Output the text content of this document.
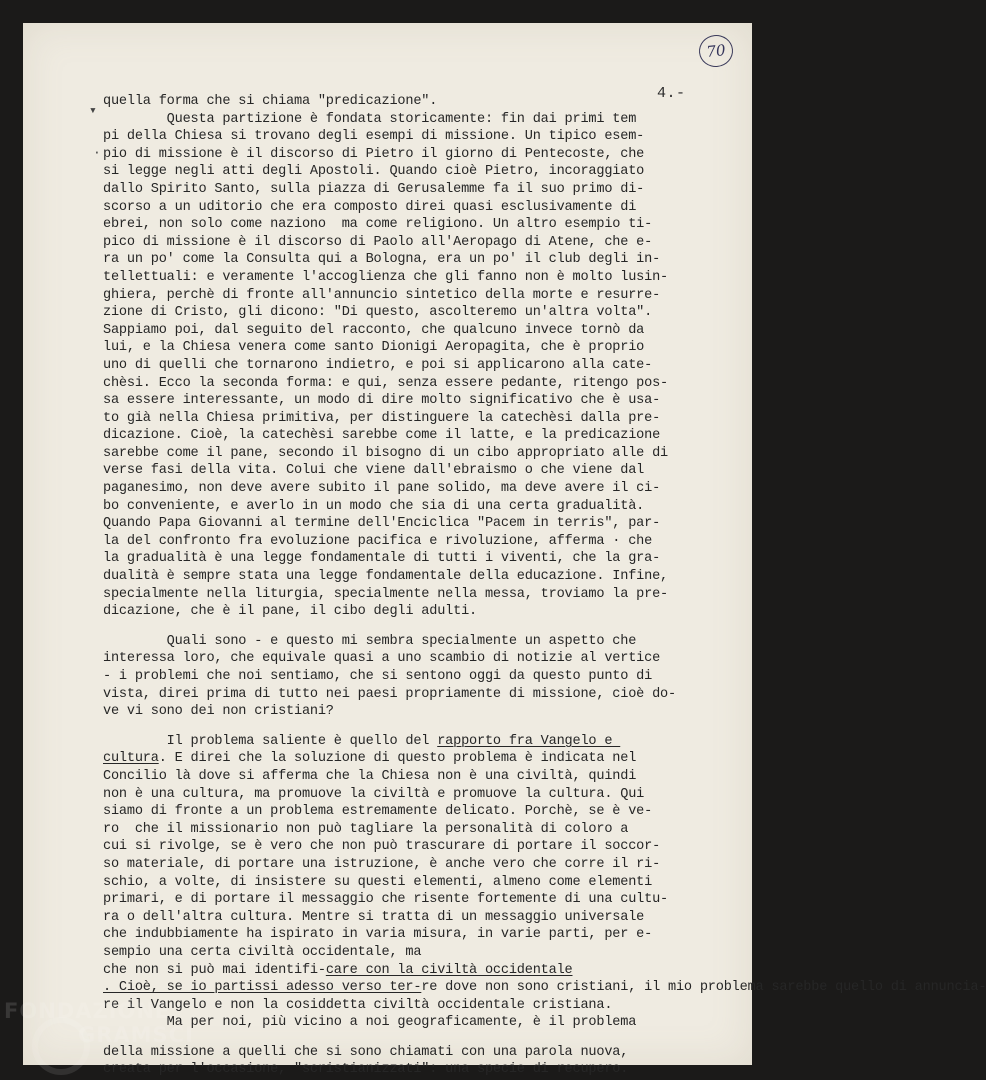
70
4.-
▾
·

quella forma che si chiama "predicazione".

Questa partizione è fondata storicamente: fin dai primi tem

pi della Chiesa si trovano degli esempi di missione. Un tipico esem-

pio di missione è il discorso di Pietro il giorno di Pentecoste, che

si legge negli atti degli Apostoli. Quando cioè Pietro, incoraggiato

dallo Spirito Santo, sulla piazza di Gerusalemme fa il suo primo di-

scorso a un uditorio che era composto direi quasi esclusivamente di

ebrei, non solo come naziono  ma come religiono. Un altro esempio ti-

pico di missione è il discorso di Paolo all'Aeropago di Atene, che e-

ra un po' come la Consulta qui a Bologna, era un po' il club degli in-

tellettuali: e veramente l'accoglienza che gli fanno non è molto lusin-

ghiera, perchè di fronte all'annuncio sintetico della morte e resurre-

zione di Cristo, gli dicono: "Di questo, ascolteremo un'altra volta".

Sappiamo poi, dal seguito del racconto, che qualcuno invece tornò da

lui, e la Chiesa venera come santo Dionigi Aeropagita, che è proprio

uno di quelli che tornarono indietro, e poi si applicarono alla cate-

chèsi. Ecco la seconda forma: e qui, senza essere pedante, ritengo pos-

sa essere interessante, un modo di dire molto significativo che è usa-

to già nella Chiesa primitiva, per distinguere la catechèsi dalla pre-

dicazione. Cioè, la catechèsi sarebbe come il latte, e la predicazione

sarebbe come il pane, secondo il bisogno di un cibo appropriato alle di

verse fasi della vita. Colui che viene dall'ebraismo o che viene dal

paganesimo, non deve avere subito il pane solido, ma deve avere il ci-

bo conveniente, e averlo in un modo che sia di una certa gradualità.

Quando Papa Giovanni al termine dell'Enciclica "Pacem in terris", par-

la del confronto fra evoluzione pacifica e rivoluzione, afferma · che

la gradualità è una legge fondamentale di tutti i viventi, che la gra-

dualità è sempre stata una legge fondamentale della educazione. Infine,

specialmente nella liturgia, specialmente nella messa, troviamo la pre-

dicazione, che è il pane, il cibo degli adulti.

Quali sono - e questo mi sembra specialmente un aspetto che

interessa loro, che equivale quasi a uno scambio di notizie al vertice

- i problemi che noi sentiamo, che si sentono oggi da questo punto di

vista, direi prima di tutto nei paesi propriamente di missione, cioè do-

ve vi sono dei non cristiani?

Il problema saliente è quello del rapporto fra Vangelo e

cultura. E direi che la soluzione di questo problema è indicata nel

Concilio là dove si afferma che la Chiesa non è una civiltà, quindi

non è una cultura, ma promuove la civiltà e promuove la cultura. Qui

siamo di fronte a un problema estremamente delicato. Porchè, se è ve-

ro  che il missionario non può tagliare la personalità di coloro a

cui si rivolge, se è vero che non può trascurare di portare il soccor-

so materiale, di portare una istruzione, è anche vero che corre il ri-

schio, a volte, di insistere su questi elementi, almeno come elementi

primari, e di portare il messaggio che risente fortemente di una cultu-

ra o dell'altra cultura. Mentre si tratta di un messaggio universale

che indubbiamente ha ispirato in varia misura, in varie parti, per e-

sempio una certa civiltà occidentale, ma

che non si può mai identifi-care con la civiltà occidentale

. Cioè, se io partissi adesso verso ter-re dove non sono cristiani, il mio problema sarebbe quello di annuncia-

re il Vangelo e non la cosiddetta civiltà occidentale cristiana.

Ma per noi, più vicino a noi geograficamente, è il problema

della missione a quelli che si sono chiamati con una parola nuova,

creata per l'occasione, "scristianizzati": una specie di recupero.

FONDAZIONE
GRAMSCI
